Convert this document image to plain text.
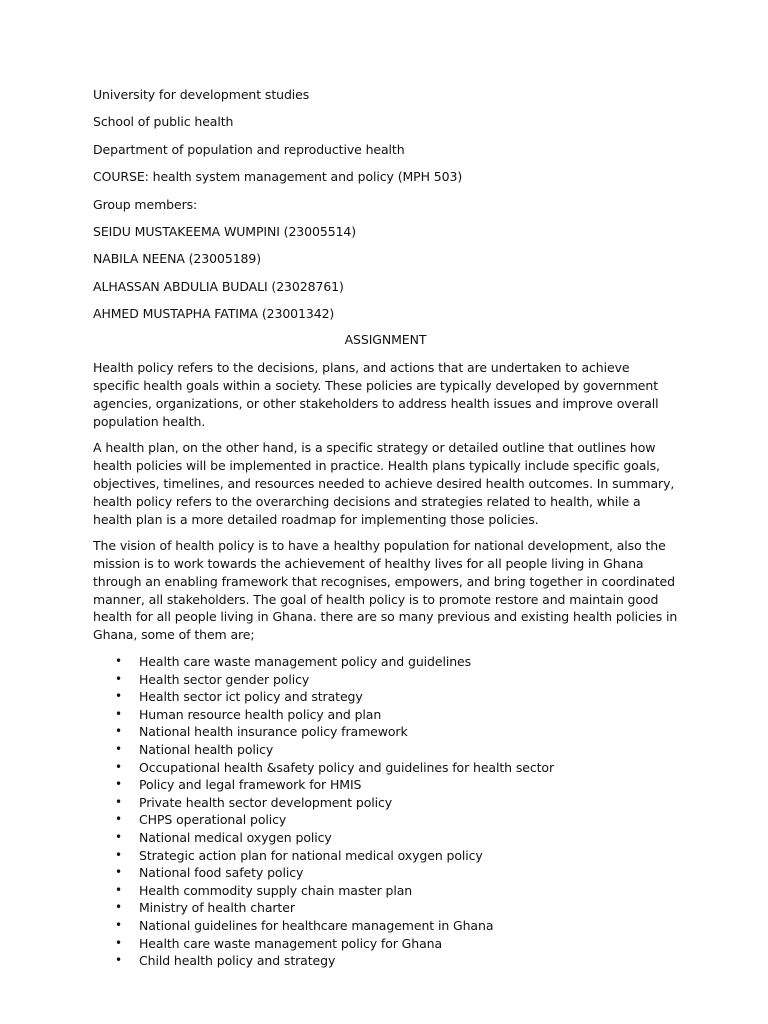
University for development studies
School of public health
Department of population and reproductive health
COURSE: health system management and policy (MPH 503)
Group members:
SEIDU MUSTAKEEMA WUMPINI (23005514)
NABILA NEENA (23005189)
ALHASSAN ABDULIA BUDALI (23028761)
AHMED MUSTAPHA FATIMA (23001342)
ASSIGNMENT

Health policy refers to the decisions, plans, and actions that are undertaken to achieve specific health goals within a society. These policies are typically developed by government agencies, organizations, or other stakeholders to address health issues and improve overall population health.

A health plan, on the other hand, is a specific strategy or detailed outline that outlines how health policies will be implemented in practice. Health plans typically include specific goals, objectives, timelines, and resources needed to achieve desired health outcomes. In summary, health policy refers to the overarching decisions and strategies related to health, while a health plan is a more detailed roadmap for implementing those policies.

The vision of health policy is to have a healthy population for national development, also the mission is to work towards the achievement of healthy lives for all people living in Ghana through an enabling framework that recognises, empowers, and bring together in coordinated manner, all stakeholders. The goal of health policy is to promote restore and maintain good health for all people living in Ghana. there are so many previous and existing health policies in Ghana, some of them are;

• Health care waste management policy and guidelines
• Health sector gender policy
• Health sector ict policy and strategy
• Human resource health policy and plan
• National health insurance policy framework
• National health policy
• Occupational health &safety policy and guidelines for health sector
• Policy and legal framework for HMIS
• Private health sector development policy
• CHPS operational policy
• National medical oxygen policy
• Strategic action plan for national medical oxygen policy
• National food safety policy
• Health commodity supply chain master plan
• Ministry of health charter
• National guidelines for healthcare management in Ghana
• Health care waste management policy for Ghana
• Child health policy and strategy
